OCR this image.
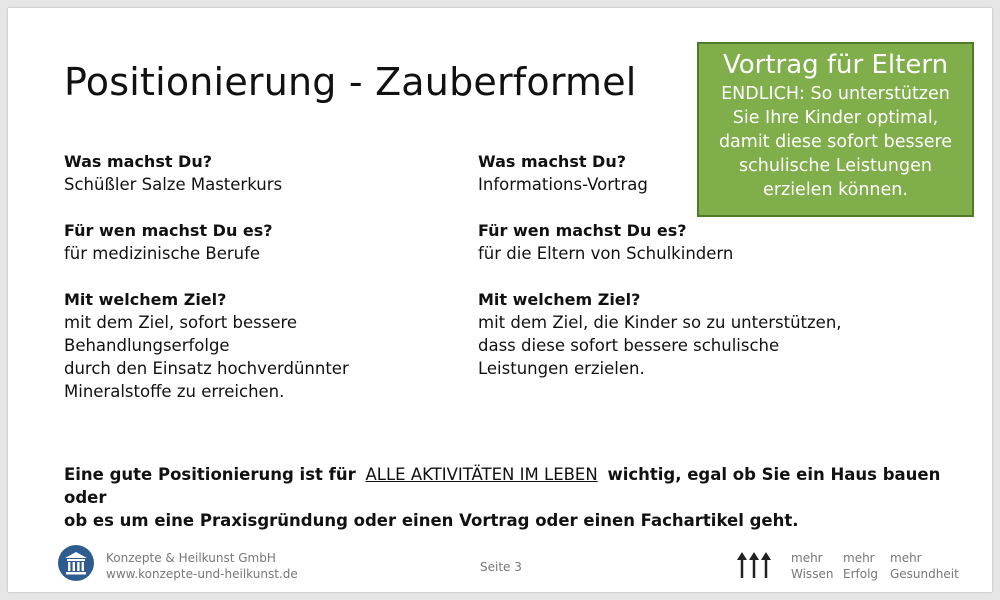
Positionierung - Zauberformel	Vortrag für Eltern
ENDLICH: So unterstützen
Sie Ihre Kinder optimal,
damit diese sofort bessere
schulische Leistungen
erzielen können.
Was machst Du?
Schüßler Salze Masterkurs
Für wen machst Du es?
für medizinische Berufe
Mit welchem Ziel?
mit dem Ziel, sofort bessere
Behandlungserfolge
durch den Einsatz hochverdünnter
Mineralstoffe zu erreichen.
Was machst Du?
Informations-Vortrag
Für wen machst Du es?
für die Eltern von Schulkindern
Mit welchem Ziel?
mit dem Ziel, die Kinder so zu unterstützen,
dass diese sofort bessere schulische
Leistungen erzielen.
Eine gute Positionierung ist für ALLE AKTIVITÄTEN IM LEBEN wichtig, egal ob Sie ein Haus bauen oder
ob es um eine Praxisgründung oder einen Vortrag oder einen Fachartikel geht.
Konzepte & Heilkunst GmbH
www.konzepte-und-heilkunst.de	Seite 3
mehr
Wissen
mehr
Erfolg
mehr
Gesundheit
